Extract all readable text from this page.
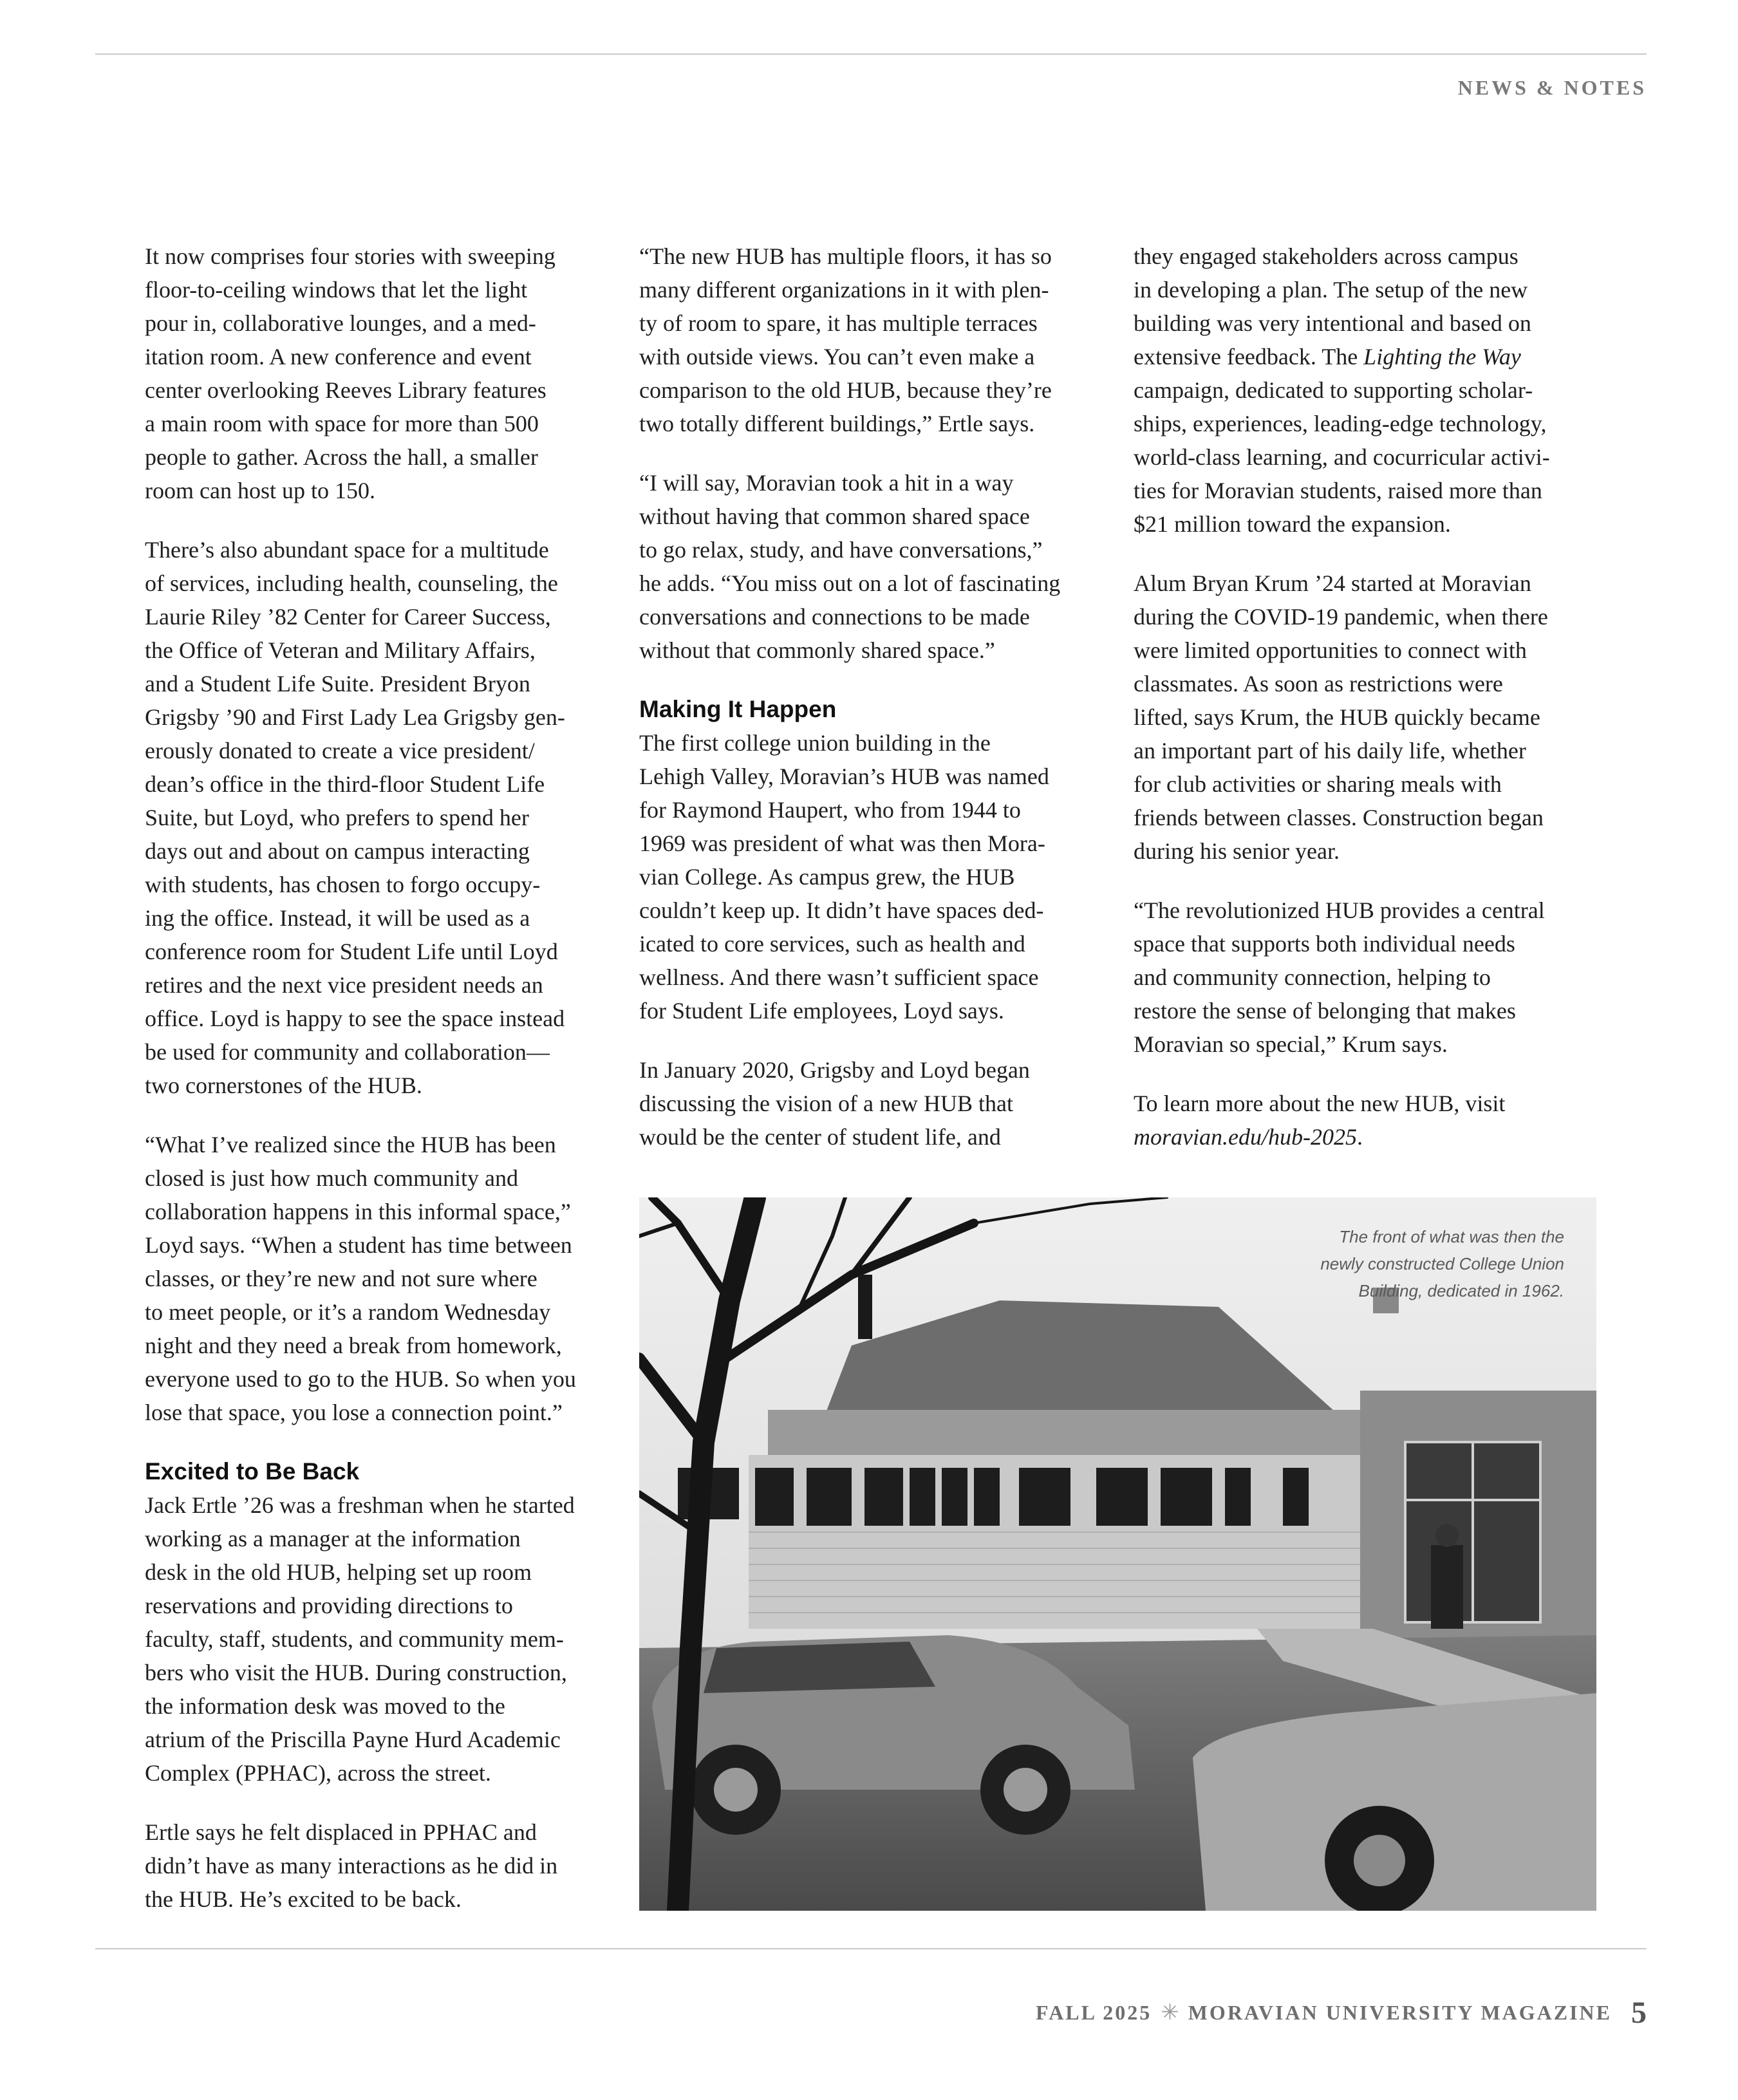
NEWS & NOTES

It now comprises four stories with sweeping
floor-to-ceiling windows that let the light
pour in, collaborative lounges, and a med-
itation room. A new conference and event
center overlooking Reeves Library features
a main room with space for more than 500
people to gather. Across the hall, a smaller
room can host up to 150.

There’s also abundant space for a multitude
of services, including health, counseling, the
Laurie Riley ’82 Center for Career Success,
the Office of Veteran and Military Affairs,
and a Student Life Suite. President Bryon
Grigsby ’90 and First Lady Lea Grigsby gen-
erously donated to create a vice president/
dean’s office in the third-floor Student Life
Suite, but Loyd, who prefers to spend her
days out and about on campus interacting
with students, has chosen to forgo occupy-
ing the office. Instead, it will be used as a
conference room for Student Life until Loyd
retires and the next vice president needs an
office. Loyd is happy to see the space instead
be used for community and collaboration—
two cornerstones of the HUB.

“What I’ve realized since the HUB has been
closed is just how much community and
collaboration happens in this informal space,”
Loyd says. “When a student has time between
classes, or they’re new and not sure where
to meet people, or it’s a random Wednesday
night and they need a break from homework,
everyone used to go to the HUB. So when you
lose that space, you lose a connection point.”

Excited to Be Back

Jack Ertle ’26 was a freshman when he started
working as a manager at the information
desk in the old HUB, helping set up room
reservations and providing directions to
faculty, staff, students, and community mem-
bers who visit the HUB. During construction,
the information desk was moved to the
atrium of the Priscilla Payne Hurd Academic
Complex (PPHAC), across the street.

Ertle says he felt displaced in PPHAC and
didn’t have as many interactions as he did in
the HUB. He’s excited to be back.

“The new HUB has multiple floors, it has so
many different organizations in it with plen-
ty of room to spare, it has multiple terraces
with outside views. You can’t even make a
comparison to the old HUB, because they’re
two totally different buildings,” Ertle says.

“I will say, Moravian took a hit in a way
without having that common shared space
to go relax, study, and have conversations,”
he adds. “You miss out on a lot of fascinating
conversations and connections to be made
without that commonly shared space.”

Making It Happen

The first college union building in the
Lehigh Valley, Moravian’s HUB was named
for Raymond Haupert, who from 1944 to
1969 was president of what was then Mora-
vian College. As campus grew, the HUB
couldn’t keep up. It didn’t have spaces ded-
icated to core services, such as health and
wellness. And there wasn’t sufficient space
for Student Life employees, Loyd says.

In January 2020, Grigsby and Loyd began
discussing the vision of a new HUB that
would be the center of student life, and

they engaged stakeholders across campus
in developing a plan. The setup of the new
building was very intentional and based on
extensive feedback. The Lighting the Way
campaign, dedicated to supporting scholar-
ships, experiences, leading-edge technology,
world-class learning, and cocurricular activi-
ties for Moravian students, raised more than
$21 million toward the expansion.

Alum Bryan Krum ’24 started at Moravian
during the COVID-19 pandemic, when there
were limited opportunities to connect with
classmates. As soon as restrictions were
lifted, says Krum, the HUB quickly became
an important part of his daily life, whether
for club activities or sharing meals with
friends between classes. Construction began
during his senior year.

“The revolutionized HUB provides a central
space that supports both individual needs
and community connection, helping to
restore the sense of belonging that makes
Moravian so special,” Krum says.

To learn more about the new HUB, visit
moravian.edu/hub-2025.

The front of what was then the
newly constructed College Union
Building, dedicated in 1962.
FALL 2025 ✳ MORAVIAN UNIVERSITY MAGAZINE 5
